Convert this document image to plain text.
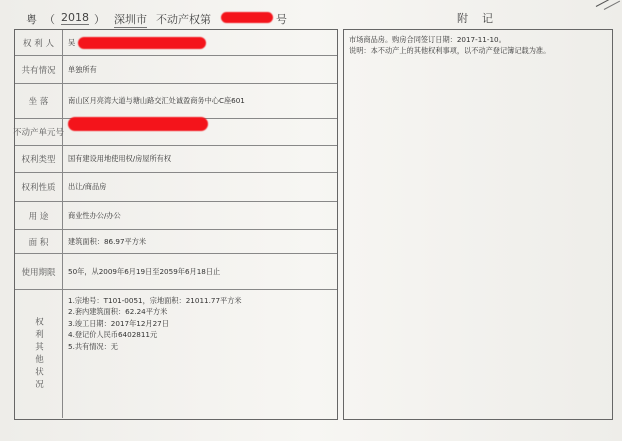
粤 （ 2018 ） 深圳市 不动产权第	号	附记
权 利 人	吴
共有情况	单独所有
坐 落	南山区月亮湾大道与塘山路交汇处诚盈商务中心C座601
不动产单元号
权利类型	国有建设用地使用权/房屋所有权
权利性质	出让/商品房
用 途	商业性办公/办公
面 积	建筑面积：86.97平方米
使用期限	50年，从2009年6月19日至2059年6月18日止
权利其他状况
1.宗地号：T101-0051，宗地面积：21011.77平方米
2.套内建筑面积：62.24平方米
3.竣工日期：2017年12月27日
4.登记价人民币6402811元
5.共有情况：无
市场商品房。购房合同签订日期：2017-11-10。
说明：本不动产上的其他权利事项，以不动产登记簿记载为准。
